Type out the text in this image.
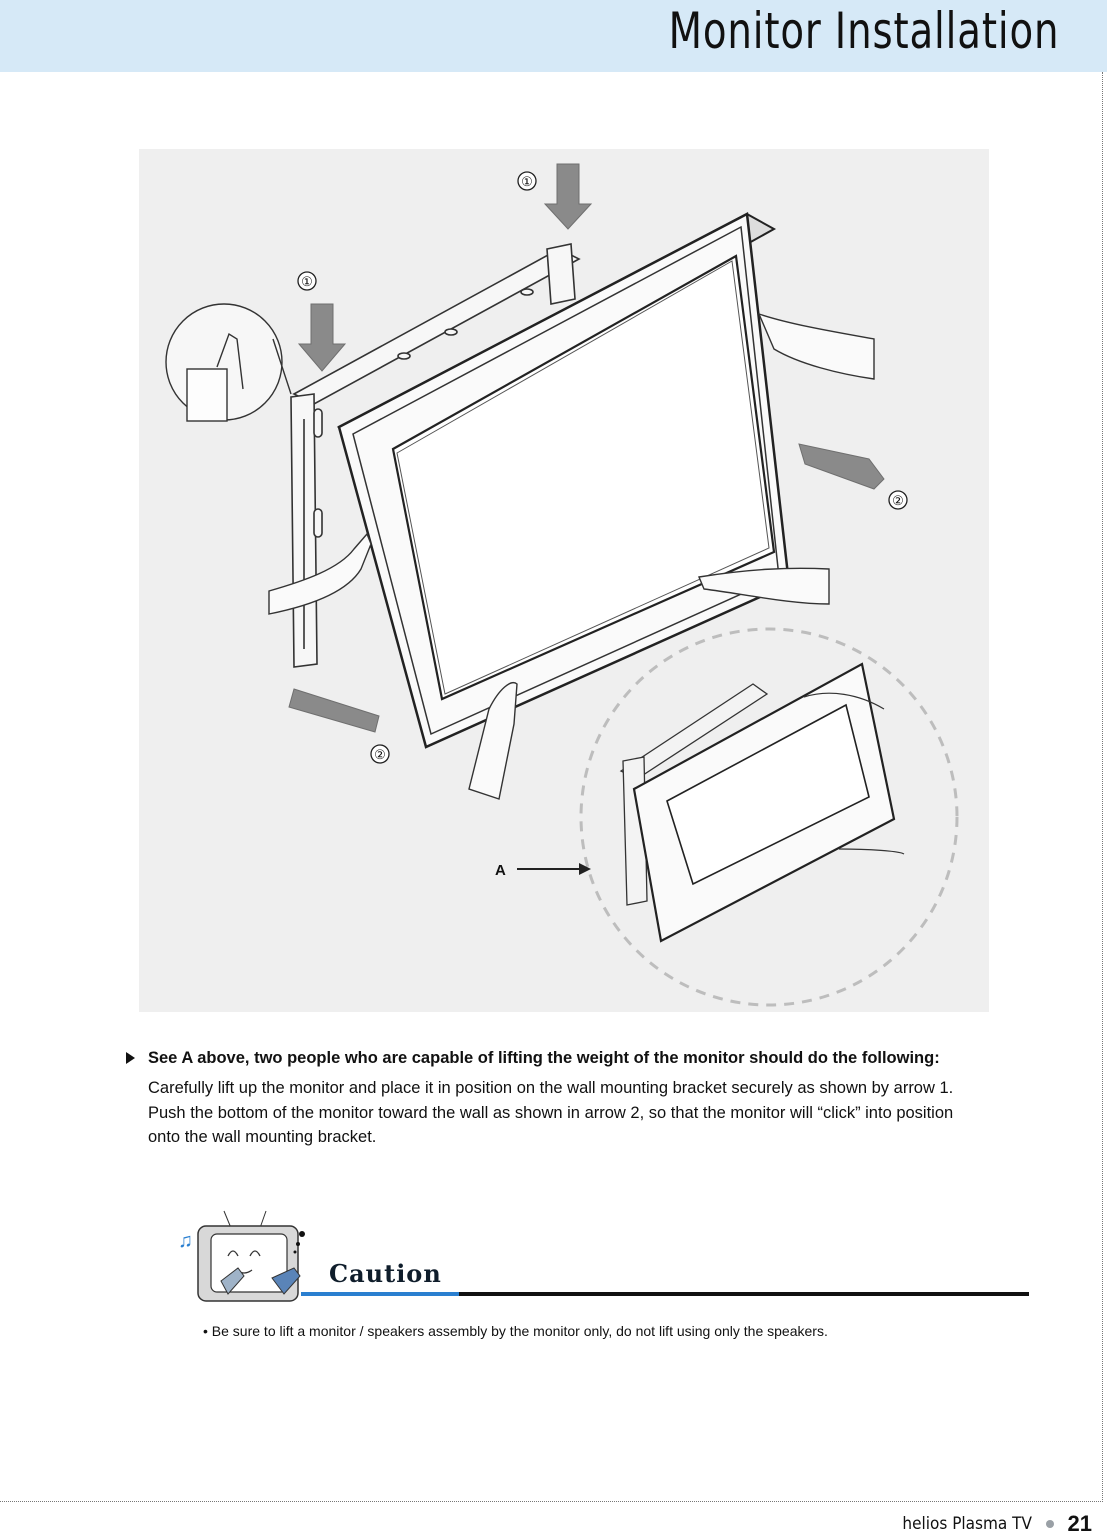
Monitor Installation
①
①
②
②
A
See A above, two people who are capable of lifting the weight of the monitor should do the following:
Carefully lift up the monitor and place it in position on the wall mounting bracket securely as shown by arrow 1.
Push the bottom of the monitor toward the wall as shown in arrow 2, so that the monitor will “click” into position
onto the wall mounting bracket.
♫
Caution
• Be sure to lift a monitor / speakers assembly by the monitor only, do not lift using only the speakers.
helios Plasma TV 21
